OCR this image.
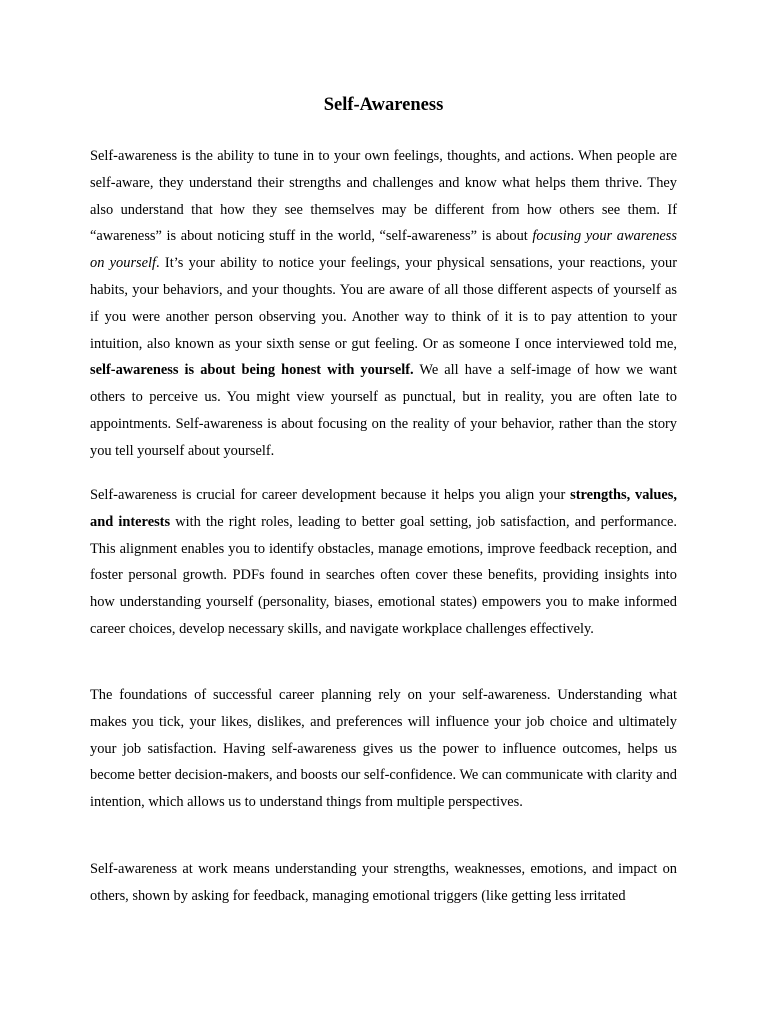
Self-Awareness

Self-awareness is the ability to tune in to your own feelings, thoughts, and actions. When people are self-aware, they understand their strengths and challenges and know what helps them thrive. They also understand that how they see themselves may be different from how others see them. If “awareness” is about noticing stuff in the world, “self-awareness” is about focusing your awareness on yourself. It’s your ability to notice your feelings, your physical sensations, your reactions, your habits, your behaviors, and your thoughts. You are aware of all those different aspects of yourself as if you were another person observing you. Another way to think of it is to pay attention to your intuition, also known as your sixth sense or gut feeling. Or as someone I once interviewed told me, self-awareness is about being honest with yourself. We all have a self-image of how we want others to perceive us. You might view yourself as punctual, but in reality, you are often late to appointments. Self-awareness is about focusing on the reality of your behavior, rather than the story you tell yourself about yourself.

Self-awareness is crucial for career development because it helps you align your strengths, values, and interests with the right roles, leading to better goal setting, job satisfaction, and performance. This alignment enables you to identify obstacles, manage emotions, improve feedback reception, and foster personal growth. PDFs found in searches often cover these benefits, providing insights into how understanding yourself (personality, biases, emotional states) empowers you to make informed career choices, develop necessary skills, and navigate workplace challenges effectively.

The foundations of successful career planning rely on your self-awareness. Understanding what makes you tick, your likes, dislikes, and preferences will influence your job choice and ultimately your job satisfaction. Having self-awareness gives us the power to influence outcomes, helps us become better decision-makers, and boosts our self-confidence. We can communicate with clarity and intention, which allows us to understand things from multiple perspectives.

Self-awareness at work means understanding your strengths, weaknesses, emotions, and impact on others, shown by asking for feedback, managing emotional triggers (like getting less irritated
